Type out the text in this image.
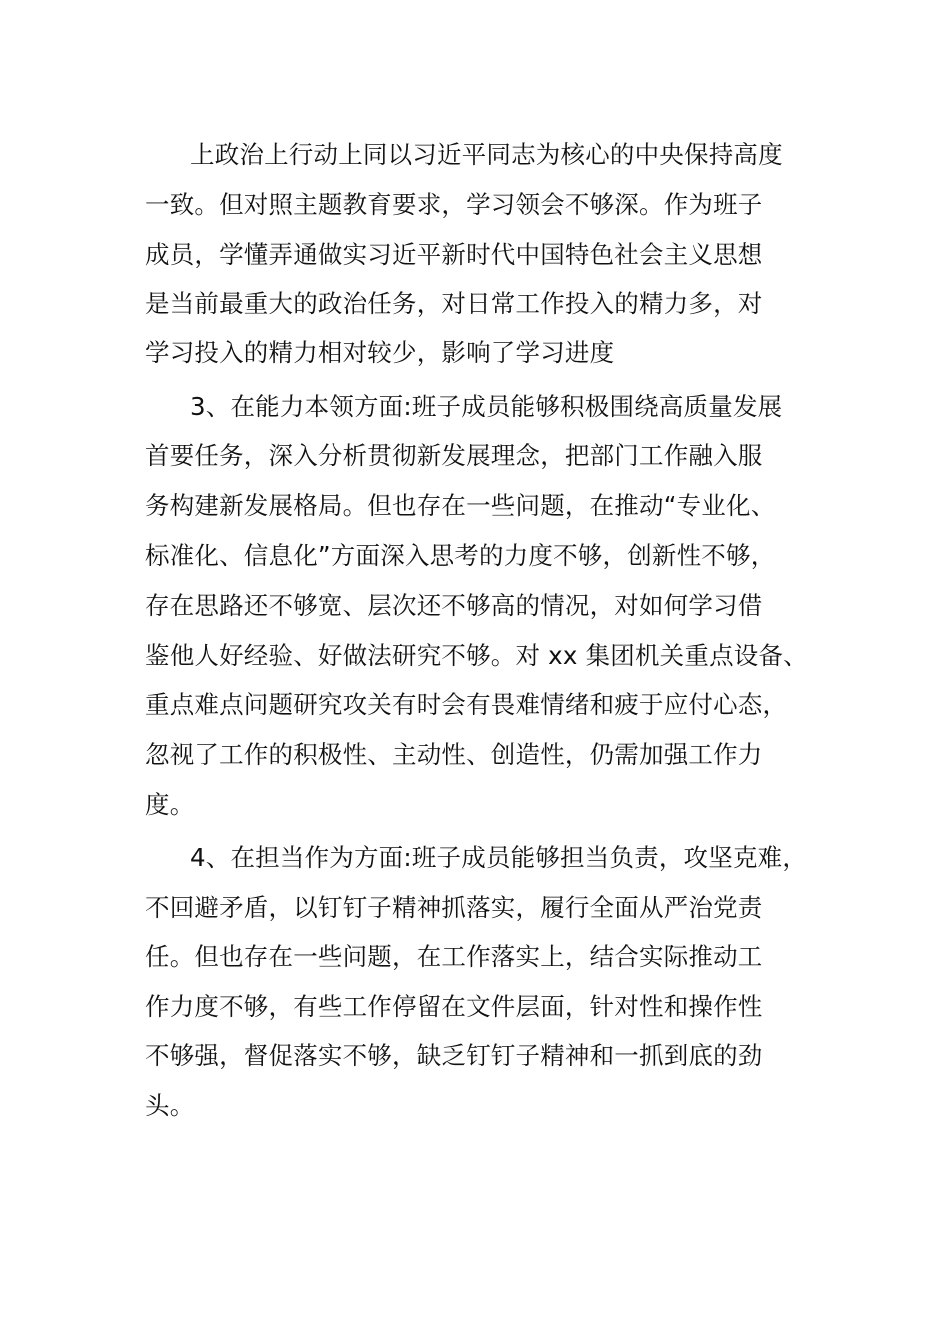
上政治上行动上同以习近平同志为核心的中央保持高度
一致。但对照主题教育要求，学习领会不够深。作为班子
成员，学懂弄通做实习近平新时代中国特色社会主义思想
是当前最重大的政治任务，对日常工作投入的精力多，对
学习投入的精力相对较少，影响了学习进度
3、在能力本领方面:班子成员能够积极围绕高质量发展
首要任务，深入分析贯彻新发展理念，把部门工作融入服
务构建新发展格局。但也存在一些问题，在推动“专业化、
标准化、信息化”方面深入思考的力度不够，创新性不够，
存在思路还不够宽、层次还不够高的情况，对如何学习借
鉴他人好经验、好做法研究不够。对 xx 集团机关重点设备、
重点难点问题研究攻关有时会有畏难情绪和疲于应付心态，
忽视了工作的积极性、主动性、创造性，仍需加强工作力
度。
4、在担当作为方面:班子成员能够担当负责，攻坚克难，
不回避矛盾，以钉钉子精神抓落实，履行全面从严治党责
任。但也存在一些问题，在工作落实上，结合实际推动工
作力度不够，有些工作停留在文件层面，针对性和操作性
不够强，督促落实不够，缺乏钉钉子精神和一抓到底的劲
头。
